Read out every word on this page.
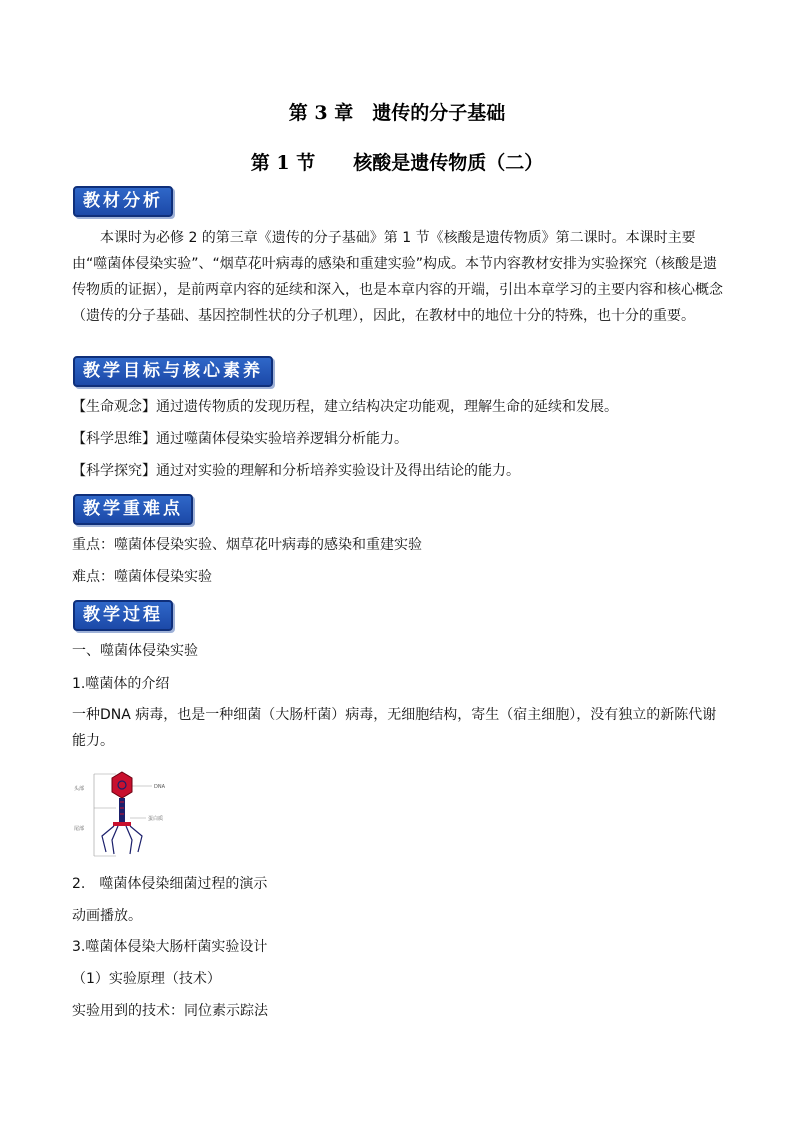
第 3 章　遗传的分子基础
第 1 节　　核酸是遗传物质（二）
教材分析
本课时为必修 2 的第三章《遗传的分子基础》第 1 节《核酸是遗传物质》第二课时。本课时主要由“噬菌体侵染实验”、“烟草花叶病毒的感染和重建实验”构成。本节内容教材安排为实验探究（核酸是遗传物质的证据），是前两章内容的延续和深入，也是本章内容的开端，引出本章学习的主要内容和核心概念（遗传的分子基础、基因控制性状的分子机理），因此，在教材中的地位十分的特殊，也十分的重要。
教学目标与核心素养
【生命观念】通过遗传物质的发现历程，建立结构决定功能观，理解生命的延续和发展。
【科学思维】通过噬菌体侵染实验培养逻辑分析能力。
【科学探究】通过对实验的理解和分析培养实验设计及得出结论的能力。
教学重难点
重点：噬菌体侵染实验、烟草花叶病毒的感染和重建实验
难点：噬菌体侵染实验
教学过程
一、噬菌体侵染实验
1.噬菌体的介绍
一种DNA 病毒，也是一种细菌（大肠杆菌）病毒，无细胞结构，寄生（宿主细胞），没有独立的新陈代谢能力。
头部
尾部
DNA
蛋白质
2.　噬菌体侵染细菌过程的演示
动画播放。
3.噬菌体侵染大肠杆菌实验设计
（1）实验原理（技术）
实验用到的技术：同位素示踪法
